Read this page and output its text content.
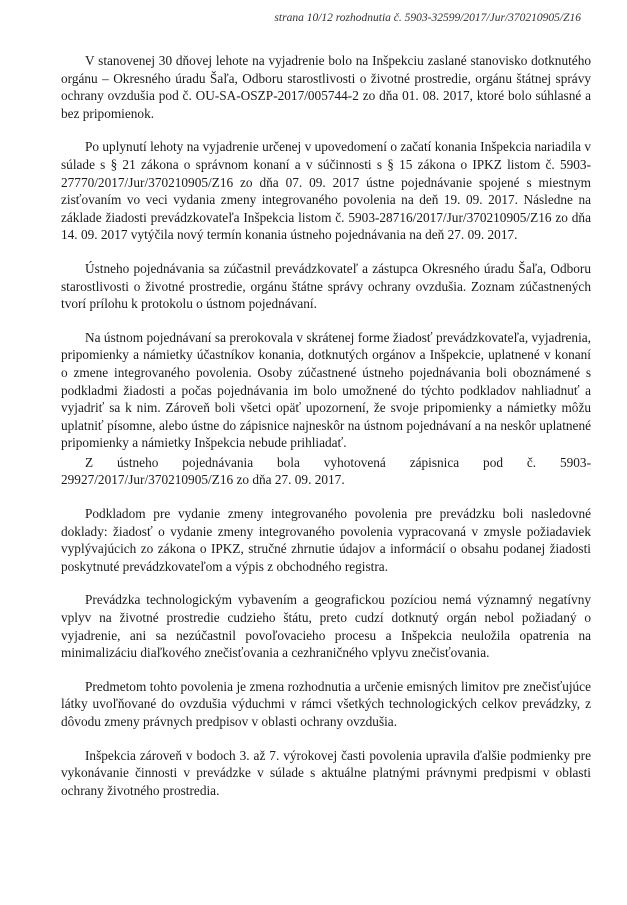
strana 10/12 rozhodnutia č. 5903-32599/2017/Jur/370210905/Z16

V stanovenej 30 dňovej lehote na vyjadrenie bolo na Inšpekciu zaslané stanovisko dotknutého orgánu – Okresného úradu Šaľa, Odboru starostlivosti o životné prostredie, orgánu štátnej správy ochrany ovzdušia pod č. OU-SA-OSZP-2017/005744-2 zo dňa 01. 08. 2017, ktoré bolo súhlasné a bez pripomienok.

Po uplynutí lehoty na vyjadrenie určenej v upovedomení o začatí konania Inšpekcia nariadila v súlade s § 21 zákona o správnom konaní a v súčinnosti s § 15 zákona o IPKZ listom č. 5903-27770/2017/Jur/370210905/Z16 zo dňa 07. 09. 2017 ústne pojednávanie spojené s miestnym zisťovaním vo veci vydania zmeny integrovaného povolenia na deň 19. 09. 2017. Následne na základe žiadosti prevádzkovateľa Inšpekcia listom č. 5903-28716/2017/Jur/370210905/Z16 zo dňa 14. 09. 2017 vytýčila nový termín konania ústneho pojednávania na deň 27. 09. 2017.

Ústneho pojednávania sa zúčastnil prevádzkovateľ a zástupca Okresného úradu Šaľa, Odboru starostlivosti o životné prostredie, orgánu štátne správy ochrany ovzdušia. Zoznam zúčastnených tvorí prílohu k protokolu o ústnom pojednávaní.

Na ústnom pojednávaní sa prerokovala v skrátenej forme žiadosť prevádzkovateľa, vyjadrenia, pripomienky a námietky účastníkov konania, dotknutých orgánov a Inšpekcie, uplatnené v konaní o zmene integrovaného povolenia. Osoby zúčastnené ústneho pojednávania boli oboznámené s podkladmi žiadosti a počas pojednávania im bolo umožnené do týchto podkladov nahliadnuť a vyjadriť sa k nim. Zároveň boli všetci opäť upozornení, že svoje pripomienky a námietky môžu uplatniť písomne, alebo ústne do zápisnice najneskôr na ústnom pojednávaní a na neskôr uplatnené pripomienky a námietky Inšpekcia nebude prihliadať.

Z ústneho pojednávania bola vyhotovená zápisnica pod č. 5903-29927/2017/Jur/370210905/Z16 zo dňa 27. 09. 2017.

Podkladom pre vydanie zmeny integrovaného povolenia pre prevádzku boli nasledovné doklady: žiadosť o vydanie zmeny integrovaného povolenia vypracovaná v zmysle požiadaviek vyplývajúcich zo zákona o IPKZ, stručné zhrnutie údajov a informácií o obsahu podanej žiadosti poskytnuté prevádzkovateľom a výpis z obchodného registra.

Prevádzka technologickým vybavením a geografickou pozíciou nemá významný negatívny vplyv na životné prostredie cudzieho štátu, preto cudzí dotknutý orgán nebol požiadaný o vyjadrenie, ani sa nezúčastnil povoľovacieho procesu a Inšpekcia neuložila opatrenia na minimalizáciu diaľkového znečisťovania a cezhraničného vplyvu znečisťovania.

Predmetom tohto povolenia je zmena rozhodnutia a určenie emisných limitov pre znečisťujúce látky uvoľňované do ovzdušia výduchmi v rámci všetkých technologických celkov prevádzky, z dôvodu zmeny právnych predpisov v oblasti ochrany ovzdušia.

Inšpekcia zároveň v bodoch 3. až 7. výrokovej časti povolenia upravila ďalšie podmienky pre vykonávanie činnosti v prevádzke v súlade s aktuálne platnými právnymi predpismi v oblasti ochrany životného prostredia.
